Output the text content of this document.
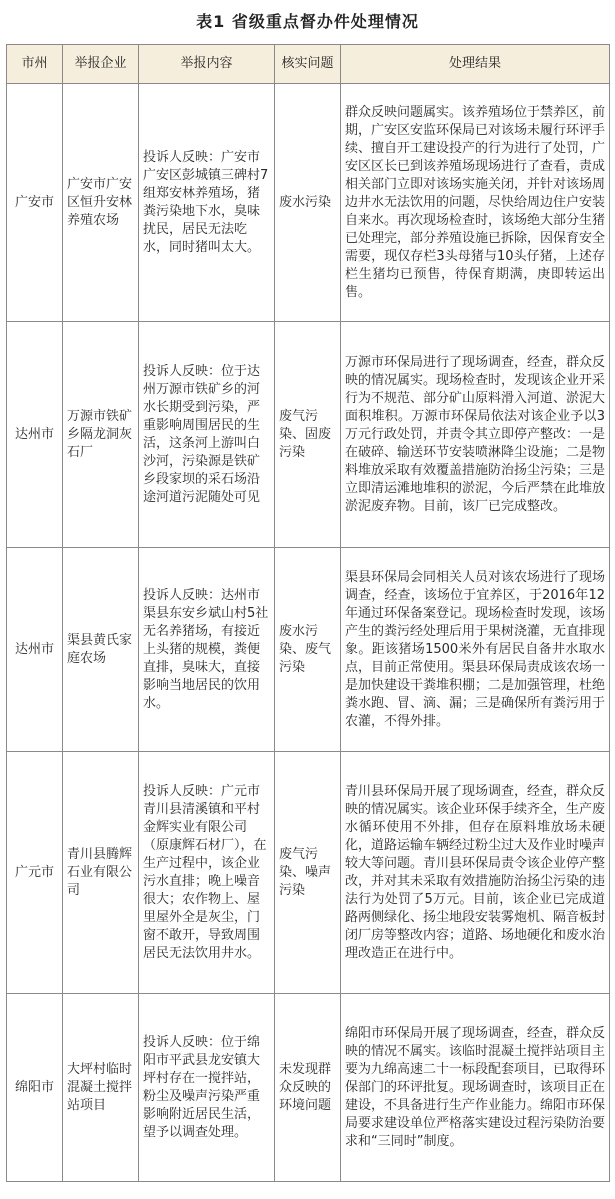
表1 省级重点督办件处理情况
市州	举报企业	举报内容	核实问题	处理结果
广安市	广安市广安区恒升安林养殖农场	投诉人反映：广安市广安区彭城镇三碑村7组郑安林养殖场，猪粪污染地下水，臭味扰民，居民无法吃水，同时猪叫太大。	废水污染	群众反映问题属实。该养殖场位于禁养区，前期，广安区安监环保局已对该场未履行环评手续、擅自开工建设投产的行为进行了处罚，广安区区长已到该养殖场现场进行了查看，责成相关部门立即对该场实施关闭，并针对该场周边井水无法饮用的问题，尽快给周边住户安装自来水。再次现场检查时，该场绝大部分生猪已处理完，部分养殖设施已拆除，因保育安全需要，现仅存栏3头母猪与10头仔猪，上述存栏生猪均已预售，待保育期满，庚即转运出售。
达州市	万源市铁矿乡隔龙洞灰石厂	投诉人反映：位于达州万源市铁矿乡的河水长期受到污染，严重影响周围居民的生活，这条河上游叫白沙河，污染源是铁矿乡段家坝的采石场沿途河道污泥随处可见	废气污染、固废污染	万源市环保局进行了现场调查，经查，群众反映的情况属实。现场检查时，发现该企业开采行为不规范、部分矿山原料滑入河道、淤泥大面积堆积。万源市环保局依法对该企业予以3万元行政处罚，并责令其立即停产整改：一是在破碎、输送环节安装喷淋降尘设施；二是物料堆放采取有效覆盖措施防治扬尘污染；三是立即清运滩地堆积的淤泥，今后严禁在此堆放淤泥废弃物。目前，该厂已完成整改。
达州市	渠县黄氏家庭农场	投诉人反映：达州市渠县东安乡斌山村5社无名养猪场，有接近上头猪的规模，粪便直排，臭味大，直接影响当地居民的饮用水。	废水污染、废气污染	渠县环保局会同相关人员对该农场进行了现场调查，经查，该场位于宜养区，于2016年12年通过环保备案登记。现场检查时发现，该场产生的粪污经处理后用于果树浇灌，无直排现象。距该猪场1500米外有居民自备井水取水点，目前正常使用。渠县环保局责成该农场一是加快建设干粪堆积棚；二是加强管理，杜绝粪水跑、冒、滴、漏；三是确保所有粪污用于农灌，不得外排。
广元市	青川县腾辉石业有限公司	投诉人反映：广元市青川县清溪镇和平村金辉实业有限公司（原康辉石材厂），在生产过程中，该企业污水直排；晚上噪音很大；农作物上、屋里屋外全是灰尘，门窗不敢开，导致周围居民无法饮用井水。	废气污染、噪声污染	青川县环保局开展了现场调查，经查，群众反映的情况属实。该企业环保手续齐全，生产废水循环使用不外排，但存在原料堆放场未硬化，道路运输车辆经过粉尘过大及作业时噪声较大等问题。青川县环保局责令该企业停产整改，并对其未采取有效措施防治扬尘污染的违法行为处罚了5万元。目前，该企业已完成道路两侧绿化、扬尘地段安装雾炮机、隔音板封闭厂房等整改内容；道路、场地硬化和废水治理改造正在进行中。
绵阳市	大坪村临时混凝土搅拌站项目	投诉人反映：位于绵阳市平武县龙安镇大坪村存在一搅拌站，粉尘及噪声污染严重影响附近居民生活，望予以调查处理。	未发现群众反映的环境问题	绵阳市环保局开展了现场调查，经查，群众反映的情况不属实。该临时混凝土搅拌站项目主要为九绵高速二十一标段配套项目，已取得环保部门的环评批复。现场调查时，该项目正在建设，不具备进行生产作业能力。绵阳市环保局要求建设单位严格落实建设过程污染防治要求和“三同时”制度。
